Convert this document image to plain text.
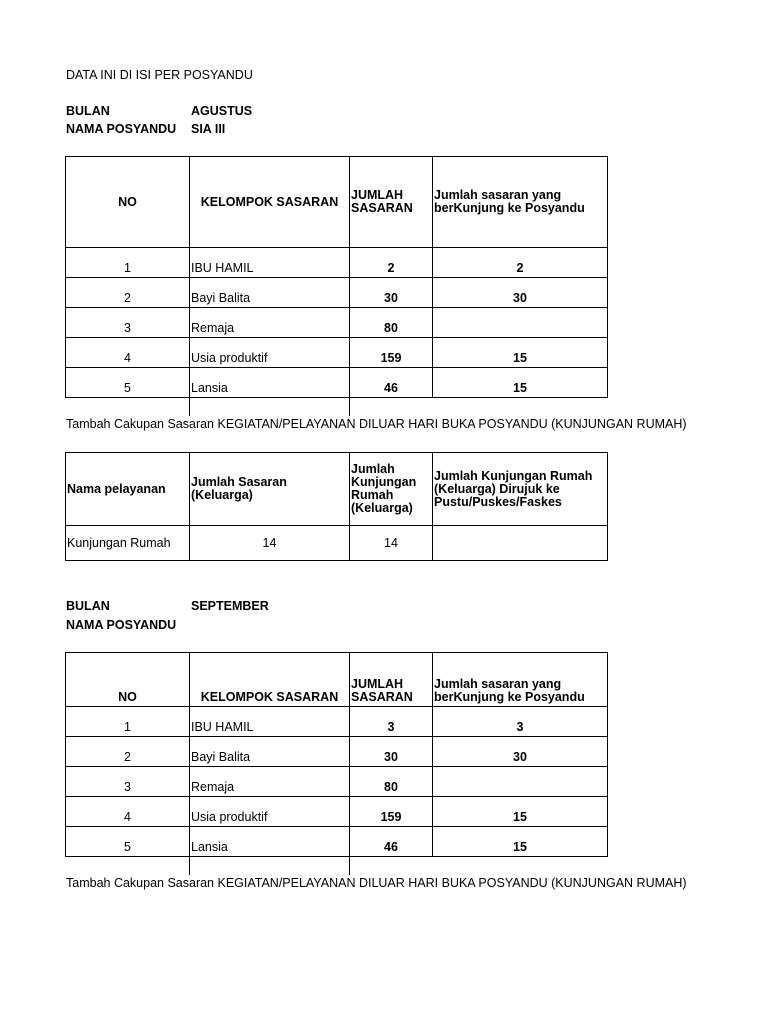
DATA INI DI ISI PER POSYANDU
BULAN	AGUSTUS
NAMA POSYANDU SIA III
NO	KELOMPOK SASARAN	JUMLAH SASARAN	Jumlah sasaran yang berKunjung ke Posyandu
1	IBU HAMIL	2	2
2	Bayi Balita	30	30
3	Remaja	80	
4	Usia produktif	159	15
5	Lansia	46	15
Tambah Cakupan Sasaran KEGIATAN/PELAYANAN DILUAR HARI BUKA POSYANDU (KUNJUNGAN RUMAH)
Nama pelayanan	Jumlah Sasaran (Keluarga)	Jumlah Kunjungan Rumah (Keluarga)	Jumlah Kunjungan Rumah (Keluarga) Dirujuk ke Pustu/Puskes/Faskes
Kunjungan Rumah	14	14	
BULAN	SEPTEMBER
NAMA POSYANDU
NO	KELOMPOK SASARAN	JUMLAH SASARAN	Jumlah sasaran yang berKunjung ke Posyandu
1	IBU HAMIL	3	3
2	Bayi Balita	30	30
3	Remaja	80	
4	Usia produktif	159	15
5	Lansia	46	15
Tambah Cakupan Sasaran KEGIATAN/PELAYANAN DILUAR HARI BUKA POSYANDU (KUNJUNGAN RUMAH)
